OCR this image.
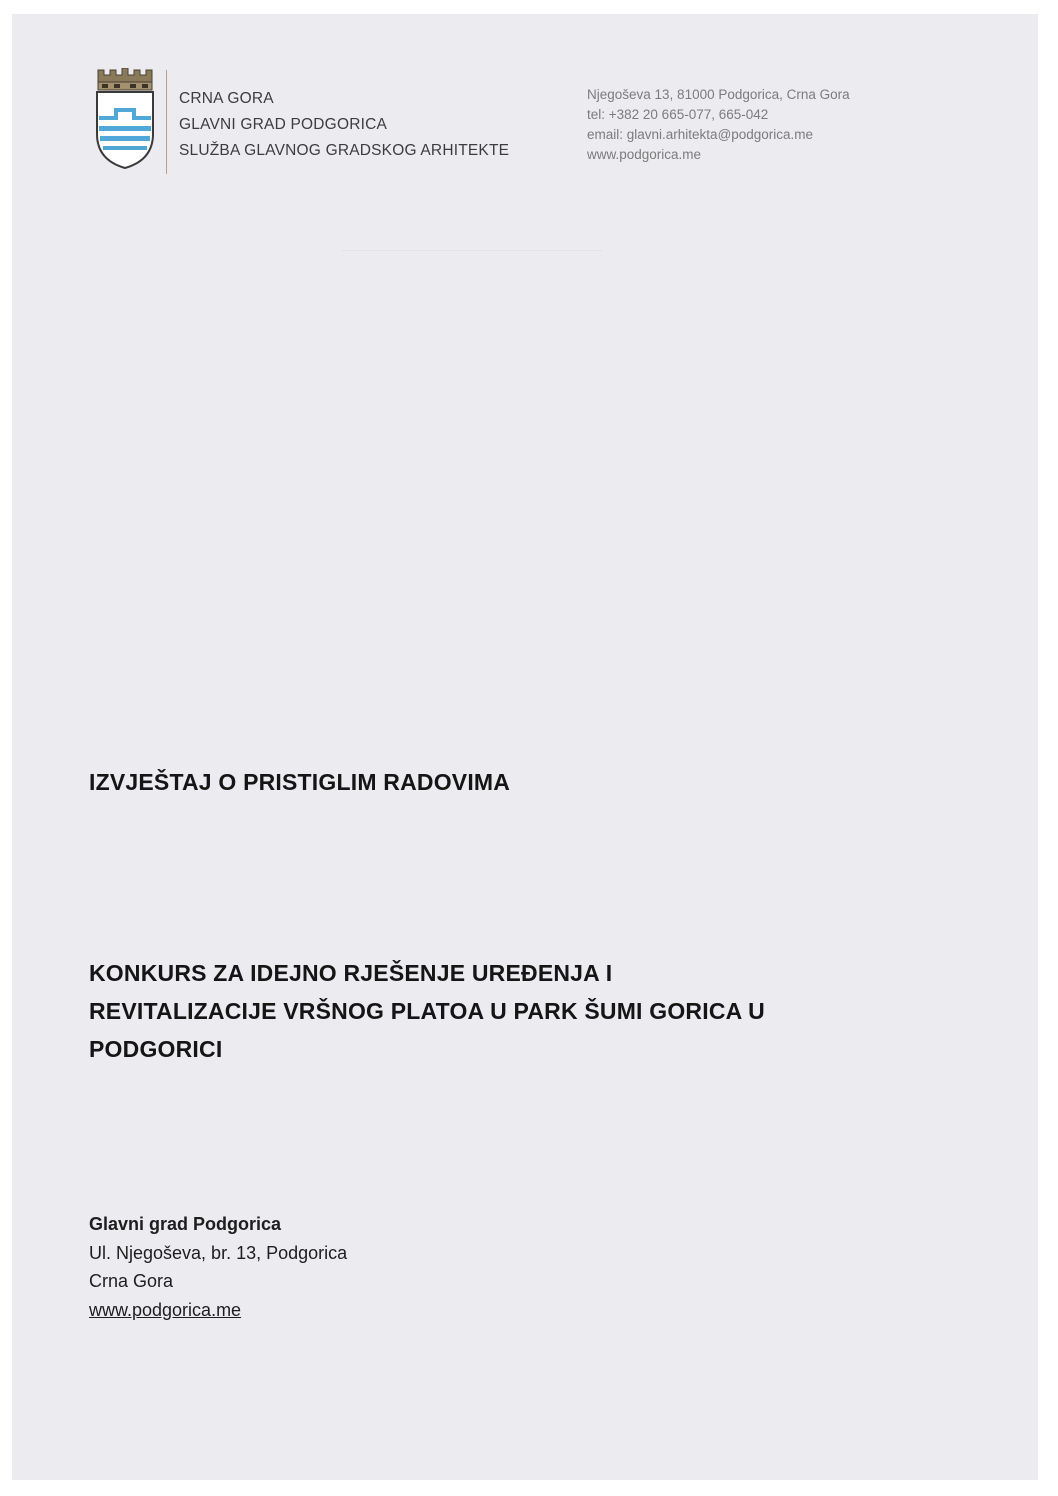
CRNA GORA
GLAVNI GRAD PODGORICA
SLUŽBA GLAVNOG GRADSKOG ARHITEKTE
Njegoševa 13, 81000 Podgorica, Crna Gora
tel: +382 20 665-077, 665-042
email: glavni.arhitekta@podgorica.me
www.podgorica.me
IZVJEŠTAJ O PRISTIGLIM RADOVIMA
KONKURS ZA IDEJNO RJEŠENJE UREĐENJA I
REVITALIZACIJE VRŠNOG PLATOA U PARK ŠUMI GORICA U
PODGORICI
Glavni grad Podgorica
Ul. Njegoševa, br. 13, Podgorica
Crna Gora
www.podgorica.me
